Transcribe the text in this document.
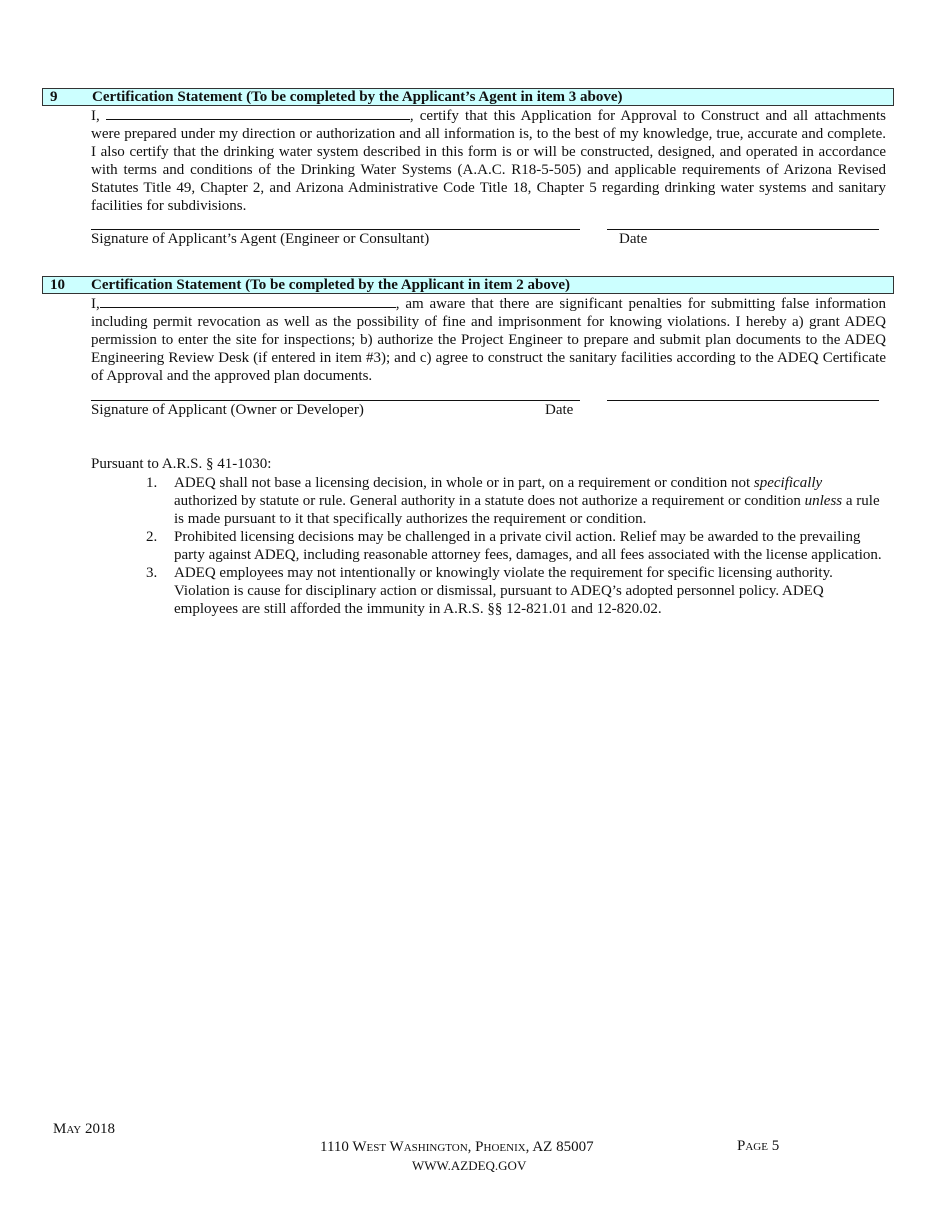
9 Certification Statement (To be completed by the Applicant’s Agent in item 3 above)

I,	, certify that this Application for Approval to Construct and all attachments were prepared under my direction or authorization and all information is, to the best of my knowledge, true, accurate and complete. I also certify that the drinking water system described in this form is or will be constructed, designed, and operated in accordance with terms and conditions of the Drinking Water Systems (A.A.C. R18-5-505) and applicable requirements of Arizona Revised Statutes Title 49, Chapter 2, and Arizona Administrative Code Title 18, Chapter 5 regarding drinking water systems and sanitary facilities for subdivisions.

Signature of Applicant’s Agent (Engineer or Consultant)	Date
10 Certification Statement (To be completed by the Applicant in item 2 above)

I,	, am aware that there are significant penalties for submitting false information including permit revocation as well as the possibility of fine and imprisonment for knowing violations. I hereby a) grant ADEQ permission to enter the site for inspections; b) authorize the Project Engineer to prepare and submit plan documents to the ADEQ Engineering Review Desk (if entered in item #3); and c) agree to construct the sanitary facilities according to the ADEQ Certificate of Approval and the approved plan documents.

Signature of Applicant (Owner or Developer)	Date

Pursuant to A.R.S. § 41-1030:

1. ADEQ shall not base a licensing decision, in whole or in part, on a requirement or condition not specifically authorized by statute or rule. General authority in a statute does not authorize a requirement or condition unless a rule is made pursuant to it that specifically authorizes the requirement or condition.
2. Prohibited licensing decisions may be challenged in a private civil action. Relief may be awarded to the prevailing party against ADEQ, including reasonable attorney fees, damages, and all fees associated with the license application.
3. ADEQ employees may not intentionally or knowingly violate the requirement for specific licensing authority. Violation is cause for disciplinary action or dismissal, pursuant to ADEQ’s adopted personnel policy. ADEQ employees are still afforded the immunity in A.R.S. §§ 12-821.01 and 12-820.02.
May 2018
1110 West Washington, Phoenix, AZ 85007
WWW.AZDEQ.GOV
Page 5
